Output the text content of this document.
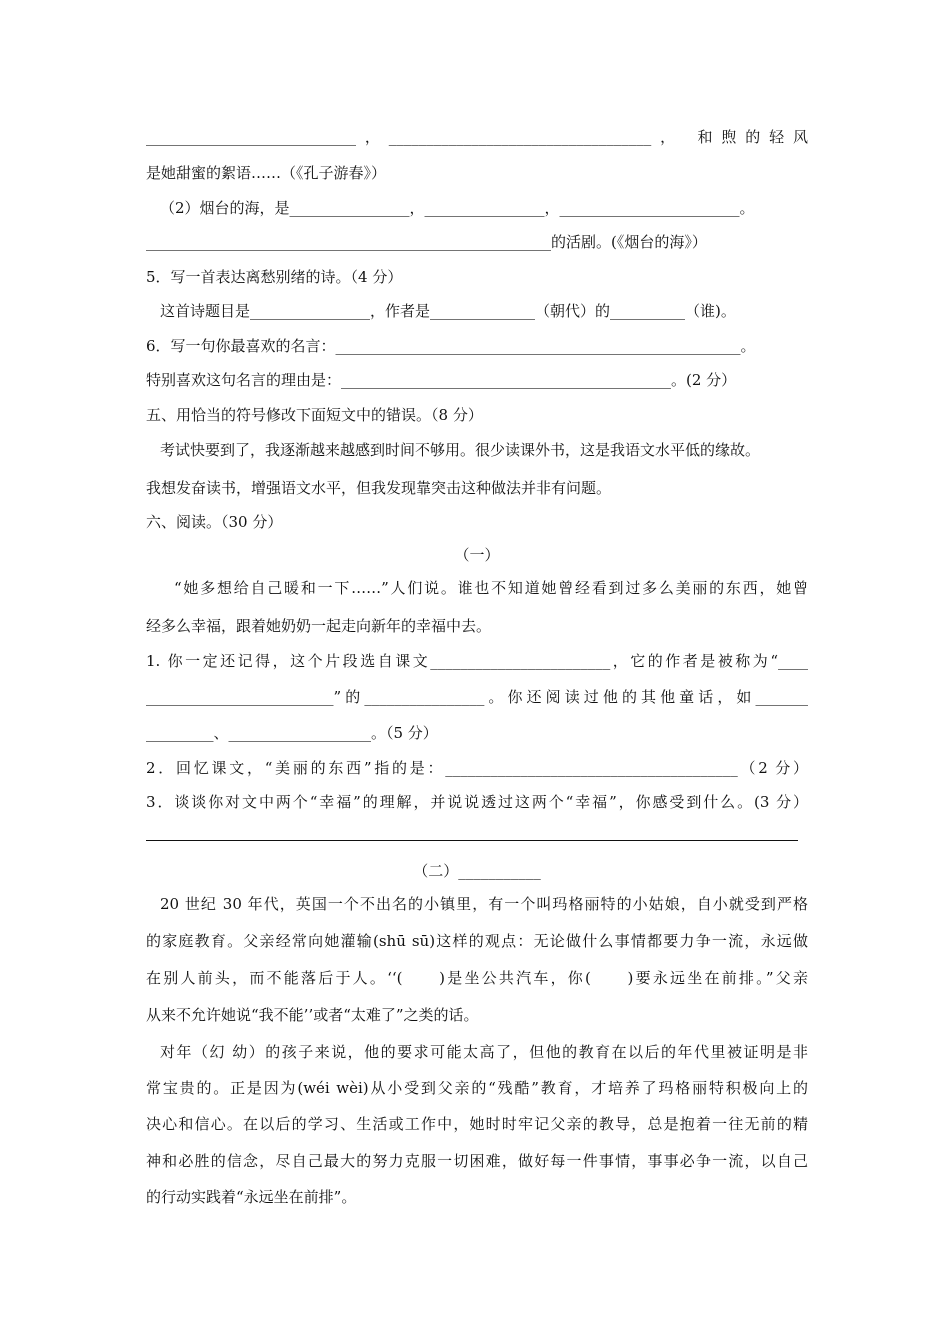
____________________________，___________________________________， 和煦的轻风
是她甜蜜的絮语……（《孔子游春》）
（2）烟台的海，是________________，________________，________________________。
______________________________________________________的活剧。(《烟台的海》）
5．写一首表达离愁别绪的诗。（4 分）
这首诗题目是________________，作者是______________（朝代）的__________（谁)。
6．写一句你最喜欢的名言：______________________________________________________。
特别喜欢这句名言的理由是：____________________________________________。(2 分）
五、用恰当的符号修改下面短文中的错误。（8 分）
考试快要到了，我逐渐越来越感到时间不够用。很少读课外书，这是我语文水平低的缘故。
我想发奋读书，增强语文水平，但我发现靠突击这种做法并非有问题。
六、阅读。（30 分）
（一）
“她多想给自己暖和一下……”人们说。谁也不知道她曾经看到过多么美丽的东西，她曾
经多么幸福，跟着她奶奶一起走向新年的幸福中去。
1. 你一定还记得，这个片段选自课文________________________，它的作者是被称为“____
_________________________”的________________。你还阅读过他的其他童话，如_______
_________、___________________。（5 分）
2．回忆课文，“美丽的东西”指的是：_______________________________________（2 分）
3．谈谈你对文中两个“幸福”的理解，并说说透过这两个“幸福”，你感受到什么。(3 分）
（二）___________
20 世纪 30 年代，英国一个不出名的小镇里，有一个叫玛格丽特的小姑娘，自小就受到严格
的家庭教育。父亲经常向她灌输(shū sū)这样的观点：无论做什么事情都要力争一流，永远做
在别人前头，而不能落后于人。‘‘(　　)是坐公共汽车，你(　　)要永远坐在前排。”父亲
从来不允许她说“我不能’’或者“太难了”之类的话。
对年（幻 幼）的孩子来说，他的要求可能太高了，但他的教育在以后的年代里被证明是非
常宝贵的。正是因为(wéi wèi)从小受到父亲的“残酷”教育，才培养了玛格丽特积极向上的
决心和信心。在以后的学习、生活或工作中，她时时牢记父亲的教导，总是抱着一往无前的精
神和必胜的信念，尽自己最大的努力克服一切困难，做好每一件事情，事事必争一流，以自己
的行动实践着“永远坐在前排”。
